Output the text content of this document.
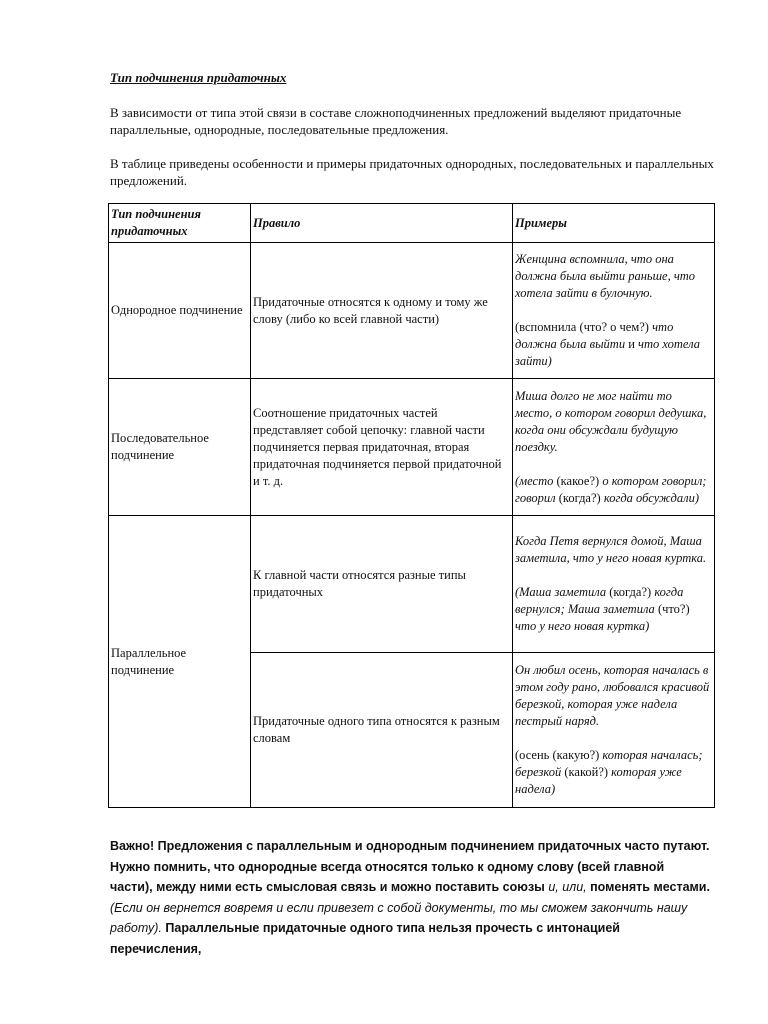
Тип подчинения придаточных
В зависимости от типа этой связи в составе сложноподчиненных предложений выделяют придаточные параллельные, однородные, последовательные предложения.
В таблице приведены особенности и примеры придаточных однородных, последовательных и параллельных предложений.
Тип подчинения придаточных	Правило	Примеры
Однородное подчинение	Придаточные относятся к одному и тому же слову (либо ко всей главной части)	Женщина вспомнила, что она должна была выйти раньше, что хотела зайти в булочную.
(вспомнила (что? о чем?) что должна была выйти и что хотела зайти)

Последовательное подчинение	Соотношение придаточных частей представляет собой цепочку: главной части подчиняется первая придаточная, вторая придаточная подчиняется первой придаточной и т. д.	Миша долго не мог найти то место, о котором говорил дедушка, когда они обсуждали будущую поездку.
(место (какое?) о котором говорил; говорил (когда?) когда обсуждали)

Параллельное подчинение	К главной части относятся разные типы придаточных	Когда Петя вернулся домой, Маша заметила, что у него новая куртка.
(Маша заметила (когда?) когда вернулся; Маша заметила (что?) что у него новая куртка)

	Придаточные одного типа относятся к разным словам	Он любил осень, которая началась в этом году рано, любовался красивой березкой, которая уже надела пестрый наряд.
(осень (какую?) которая началась; березкой (какой?) которая уже надела)
Важно! Предложения с параллельным и однородным подчинением придаточных часто путают. Нужно помнить, что однородные всегда относятся только к одному слову (всей главной части), между ними есть смысловая связь и можно поставить союзы и, или, поменять местами. (Если он вернется вовремя и если привезет с собой документы, то мы сможем закончить нашу работу). Параллельные придаточные одного типа нельзя прочесть с интонацией перечисления,
